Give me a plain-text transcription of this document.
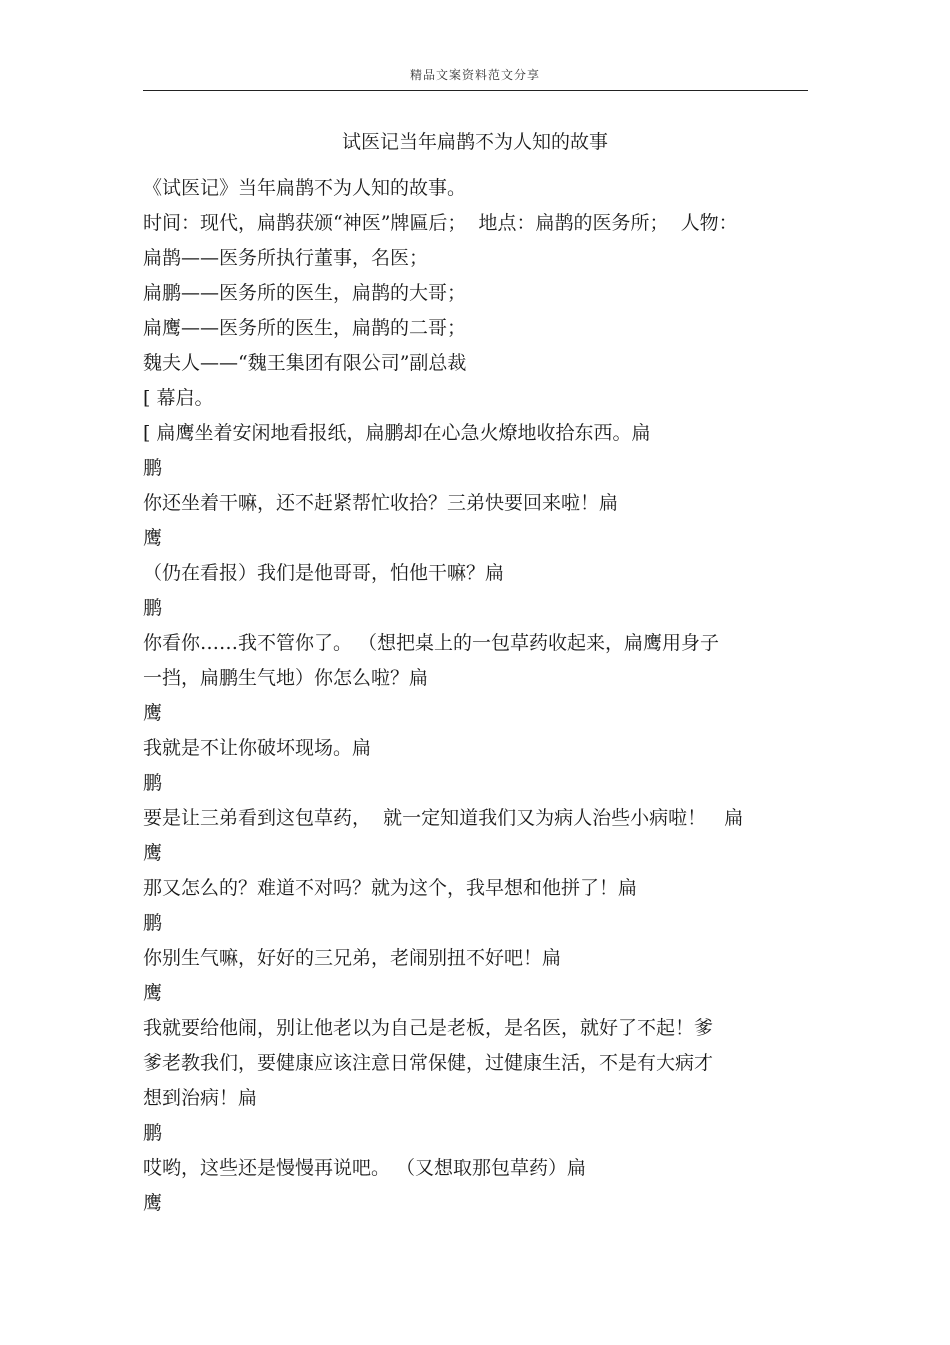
精品文案资料范文分享
试医记当年扁鹊不为人知的故事
《试医记》当年扁鹊不为人知的故事。
时间：现代，扁鹊获颁“神医”牌匾后；  地点：扁鹊的医务所；  人物：
扁鹊——医务所执行董事，名医；
扁鹏——医务所的医生，扁鹊的大哥；
扁鹰——医务所的医生，扁鹊的二哥；
魏夫人——“魏王集团有限公司”副总裁
[ 幕启。
[ 扁鹰坐着安闲地看报纸，扁鹏却在心急火燎地收拾东西。扁
鹏
你还坐着干嘛，还不赶紧帮忙收拾？三弟快要回来啦！扁
鹰
（仍在看报）我们是他哥哥，怕他干嘛？扁
鹏
你看你……我不管你了。 （想把桌上的一包草药收起来，扁鹰用身子
一挡，扁鹏生气地）你怎么啦？扁
鹰
我就是不让你破坏现场。扁
鹏
要是让三弟看到这包草药，  就一定知道我们又为病人治些小病啦！   扁
鹰
那又怎么的？难道不对吗？就为这个，我早想和他拼了！扁
鹏
你别生气嘛，好好的三兄弟，老闹别扭不好吧！扁
鹰
我就要给他闹，别让他老以为自己是老板，是名医，就好了不起！爹
爹老教我们，要健康应该注意日常保健，过健康生活，不是有大病才
想到治病！扁
鹏
哎哟，这些还是慢慢再说吧。 （又想取那包草药）扁
鹰
